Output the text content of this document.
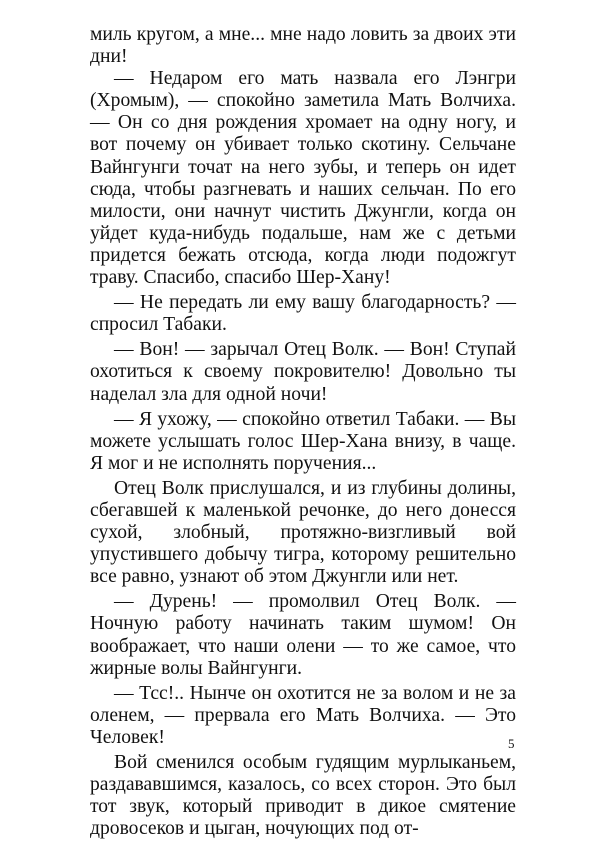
миль кругом, а мне... мне надо ловить за двоих эти дни!

— Недаром его мать назвала его Лэнгри (Хромым), — спокойно заметила Мать Волчиха. — Он со дня рождения хромает на одну ногу, и вот почему он убивает только скотину. Сельчане Вайнгунги точат на него зубы, и теперь он идет сюда, чтобы разгневать и наших сельчан. По его милости, они начнут чистить Джунгли, когда он уйдет куда-нибудь подальше, нам же с детьми придется бежать отсюда, когда люди подожгут траву. Спасибо, спасибо Шер-Хану!

— Не передать ли ему вашу благодарность? — спросил Табаки.

— Вон! — зарычал Отец Волк. — Вон! Ступай охотиться к своему покровителю! Довольно ты наделал зла для одной ночи!

— Я ухожу, — спокойно ответил Табаки. — Вы можете услышать голос Шер-Хана внизу, в чаще. Я мог и не исполнять поручения...

Отец Волк прислушался, и из глубины долины, сбегавшей к маленькой речонке, до него донесся сухой, злобный, протяжно-визгливый вой упустившего добычу тигра, которому решительно все равно, узнают об этом Джунгли или нет.

— Дурень! — промолвил Отец Волк. — Ночную работу начинать таким шумом! Он воображает, что наши олени — то же самое, что жирные волы Вайнгунги.

— Тсс!.. Нынче он охотится не за волом и не за оленем, — прервала его Мать Волчиха. — Это Человек!

Вой сменился особым гудящим мурлыканьем, раздававшимся, казалось, со всех сторон. Это был тот звук, который приводит в дикое смятение дровосеков и цыган, ночующих под от-

5
